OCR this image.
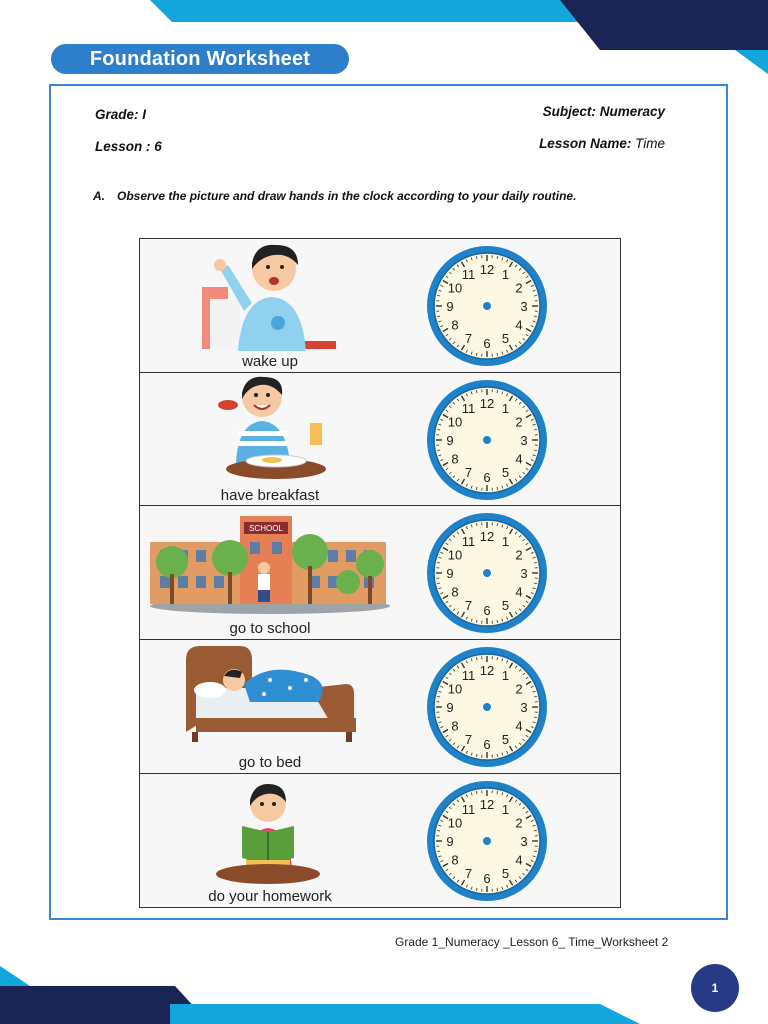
Foundation Worksheet
Grade: I
Lesson : 6
Subject: Numeracy
Lesson Name: Time
A. Observe the picture and draw hands in the clock according to your daily routine.
wake up
12 1
2
3
4
5
6
7
8
9
10
11
have breakfast
12 1
2
3
4
5
6
7
8
9
10
11
SCHOOL
go to school
12 1
2
3
4
5
6
7
8
9
10
11
go to bed
12 1
2
3
4
5
6
7
8
9
10
11
do your homework
12 1
2
3
4
5
6
7
8
9
10
11
Grade 1_Numeracy _Lesson 6_ Time_Worksheet 2
1
